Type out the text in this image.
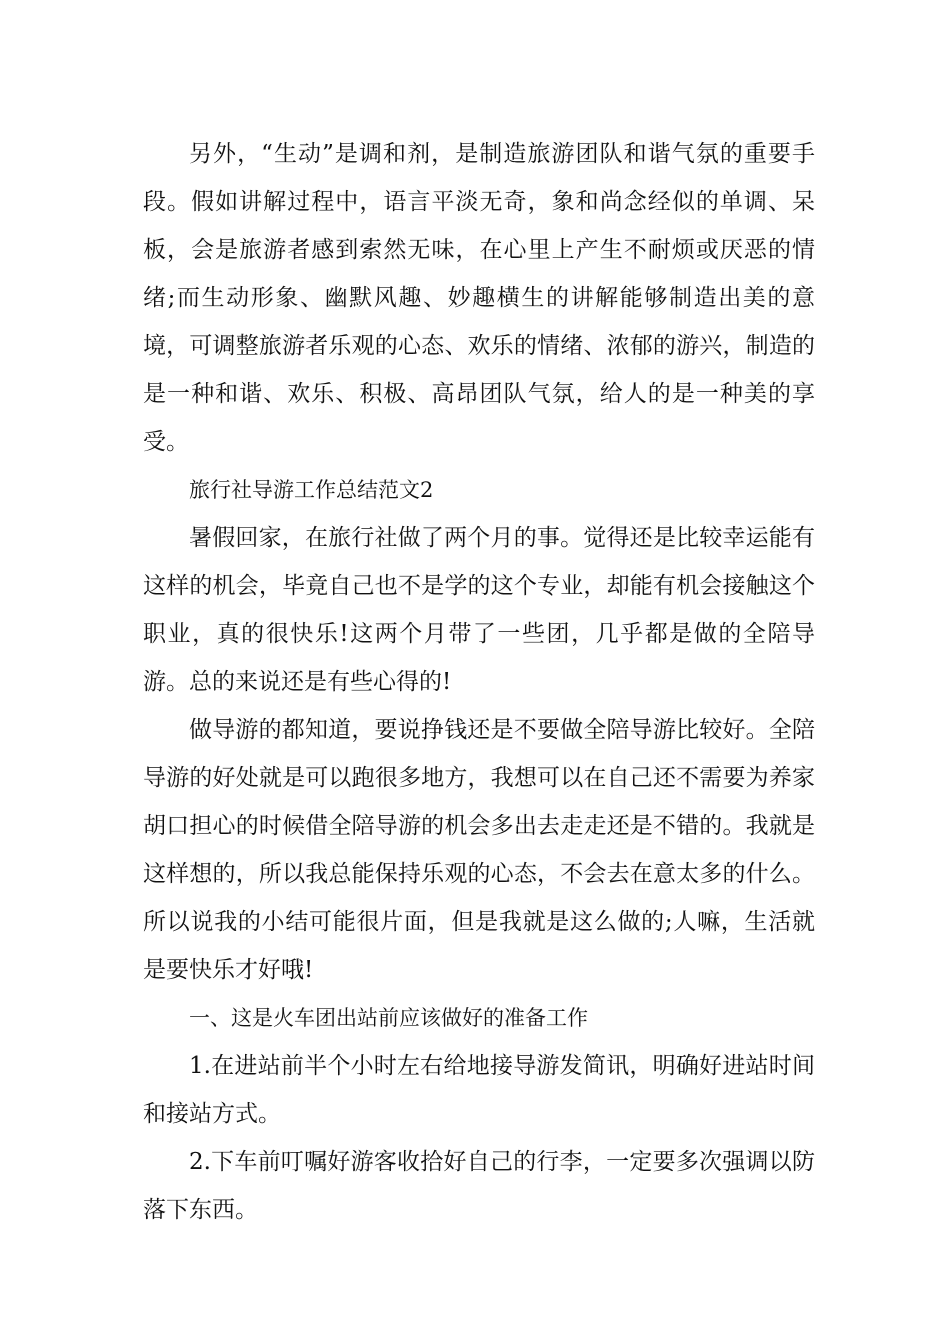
另外，“生动”是调和剂，是制造旅游团队和谐气氛的重要手段。假如讲解过程中，语言平淡无奇，象和尚念经似的单调、呆板，会是旅游者感到索然无味，在心里上产生不耐烦或厌恶的情绪;而生动形象、幽默风趣、妙趣横生的讲解能够制造出美的意境，可调整旅游者乐观的心态、欢乐的情绪、浓郁的游兴，制造的是一种和谐、欢乐、积极、高昂团队气氛，给人的是一种美的享受。

旅行社导游工作总结范文2

暑假回家，在旅行社做了两个月的事。觉得还是比较幸运能有这样的机会，毕竟自己也不是学的这个专业，却能有机会接触这个职业，真的很快乐!这两个月带了一些团，几乎都是做的全陪导游。总的来说还是有些心得的!

做导游的都知道，要说挣钱还是不要做全陪导游比较好。全陪导游的好处就是可以跑很多地方，我想可以在自己还不需要为养家胡口担心的时候借全陪导游的机会多出去走走还是不错的。我就是这样想的，所以我总能保持乐观的心态，不会去在意太多的什么。所以说我的小结可能很片面，但是我就是这么做的;人嘛，生活就是要快乐才好哦!

一、这是火车团出站前应该做好的准备工作

1.在进站前半个小时左右给地接导游发简讯，明确好进站时间和接站方式。

2.下车前叮嘱好游客收拾好自己的行李，一定要多次强调以防落下东西。
